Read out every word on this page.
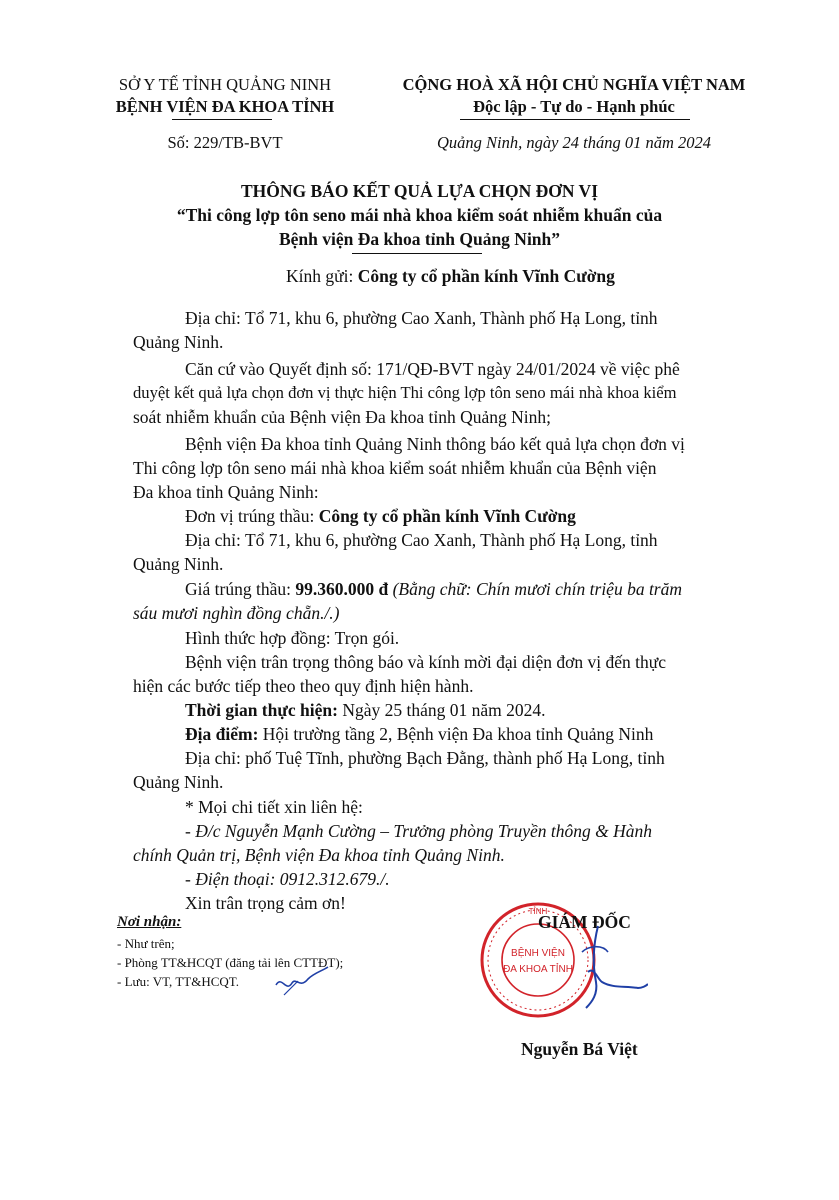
SỞ Y TẾ TỈNH QUẢNG NINH
BỆNH VIỆN ĐA KHOA TỈNH
Số: 229/TB-BVT
CỘNG HOÀ XÃ HỘI CHỦ NGHĨA VIỆT NAM
Độc lập - Tự do - Hạnh phúc
Quảng Ninh, ngày 24 tháng 01 năm 2024
THÔNG BÁO KẾT QUẢ LỰA CHỌN ĐƠN VỊ
“Thi công lợp tôn seno mái nhà khoa kiểm soát nhiễm khuẩn của
Bệnh viện Đa khoa tỉnh Quảng Ninh”
Kính gửi: Công ty cổ phần kính Vĩnh Cường
Địa chỉ: Tổ 71, khu 6, phường Cao Xanh, Thành phố Hạ Long, tỉnh
Quảng Ninh.
Căn cứ vào Quyết định số: 171/QĐ-BVT ngày 24/01/2024 về việc phê
duyệt kết quả lựa chọn đơn vị thực hiện Thi công lợp tôn seno mái nhà khoa kiểm
soát nhiễm khuẩn của Bệnh viện Đa khoa tỉnh Quảng Ninh;
Bệnh viện Đa khoa tỉnh Quảng Ninh thông báo kết quả lựa chọn đơn vị
Thi công lợp tôn seno mái nhà khoa kiểm soát nhiễm khuẩn của Bệnh viện
Đa khoa tỉnh Quảng Ninh:
Đơn vị trúng thầu: Công ty cổ phần kính Vĩnh Cường
Địa chỉ: Tổ 71, khu 6, phường Cao Xanh, Thành phố Hạ Long, tỉnh
Quảng Ninh.
Giá trúng thầu: 99.360.000 đ (Bằng chữ: Chín mươi chín triệu ba trăm
sáu mươi nghìn đồng chẵn./.)
Hình thức hợp đồng: Trọn gói.
Bệnh viện trân trọng thông báo và kính mời đại diện đơn vị đến thực
hiện các bước tiếp theo theo quy định hiện hành.
Thời gian thực hiện: Ngày 25 tháng 01 năm 2024.
Địa điểm: Hội trường tầng 2, Bệnh viện Đa khoa tỉnh Quảng Ninh
Địa chỉ: phố Tuệ Tĩnh, phường Bạch Đằng, thành phố Hạ Long, tỉnh
Quảng Ninh.
* Mọi chi tiết xin liên hệ:
- Đ/c Nguyễn Mạnh Cường – Trưởng phòng Truyền thông & Hành
chính Quản trị, Bệnh viện Đa khoa tỉnh Quảng Ninh.
- Điện thoại: 0912.312.679./.
Xin trân trọng cảm ơn!
Nơi nhận:
- Như trên;
- Phòng TT&HCQT (đăng tải lên CTTĐT);
- Lưu: VT, TT&HCQT.
TỈNH
BỆNH VIỆN
ĐA KHOA TỈNH
GIÁM ĐỐC
Nguyễn Bá Việt
